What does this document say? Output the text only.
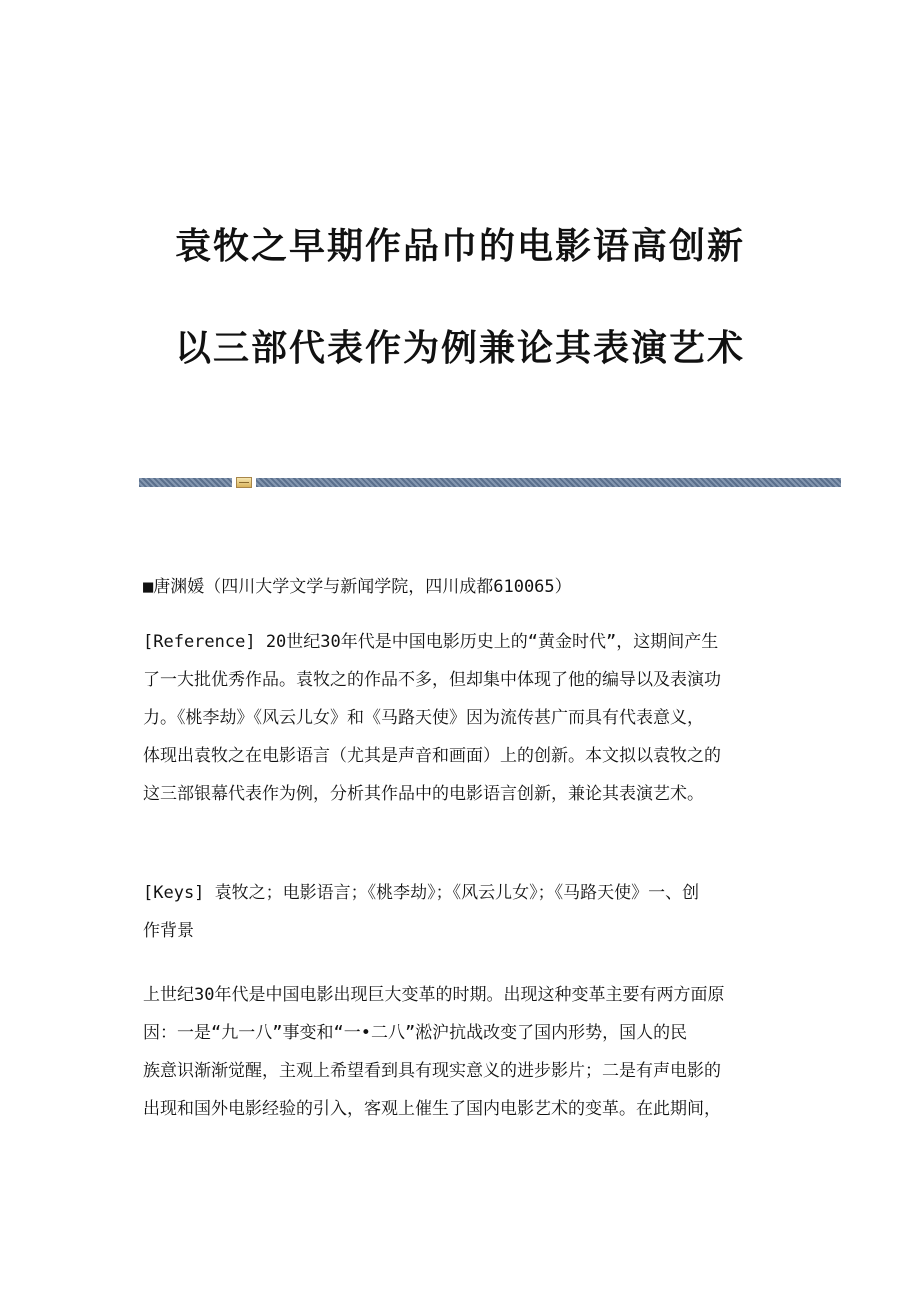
袁牧之早期作品巾的电影语高创新
以三部代表作为例兼论其表演艺术
■唐渊媛（四川大学文学与新闻学院，四川成都610065）
[Reference] 20世纪30年代是中国电影历史上的“黄金时代”，这期间产生
了一大批优秀作品。袁牧之的作品不多，但却集中体现了他的编导以及表演功
力。《桃李劫》《风云儿女》和《马路天使》因为流传甚广而具有代表意义，
体现出袁牧之在电影语言（尤其是声音和画面）上的创新。本文拟以袁牧之的
这三部银幕代表作为例，分析其作品中的电影语言创新，兼论其表演艺术。
[Keys] 袁牧之；电影语言；《桃李劫》；《风云儿女》；《马路天使》一、创
作背景
上世纪30年代是中国电影出现巨大变革的时期。出现这种变革主要有两方面原
因：一是“九一八”事变和“一•二八”淞沪抗战改变了国内形势，国人的民
族意识渐渐觉醒，主观上希望看到具有现实意义的进步影片；二是有声电影的
出现和国外电影经验的引入，客观上催生了国内电影艺术的变革。在此期间，
